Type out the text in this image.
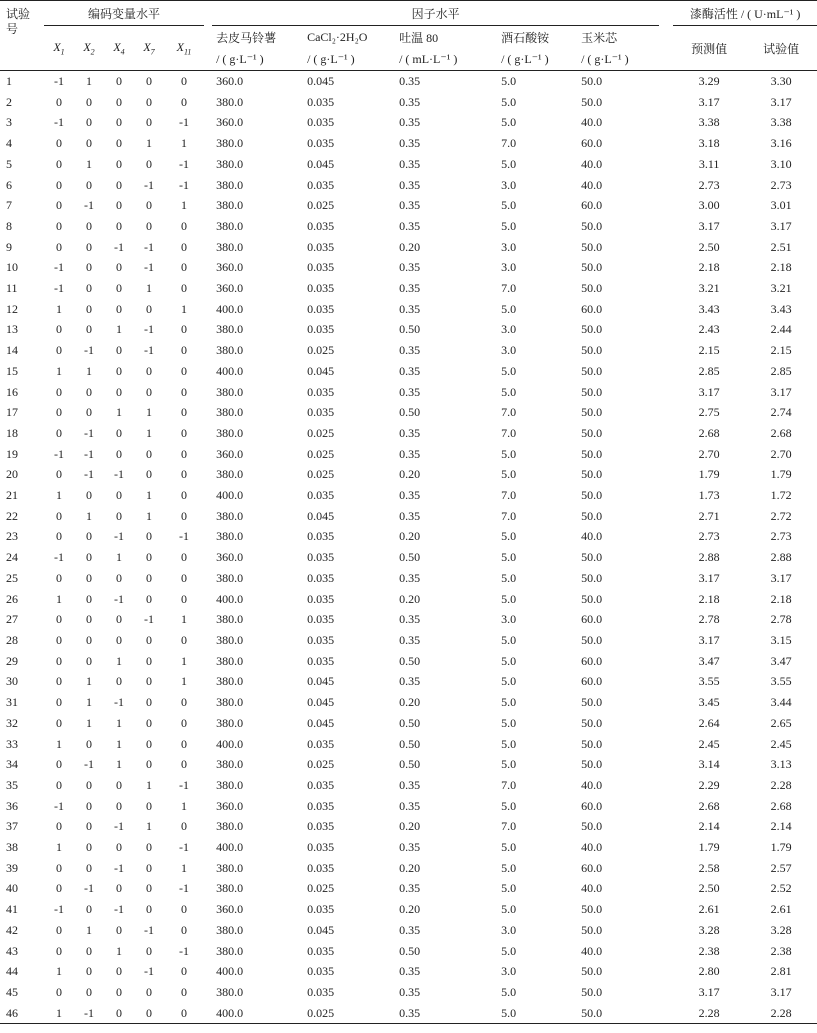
试验号	编码变量水平						因子水平						漆酶活性 / ( U·mL⁻¹ )	
	$X_1$	$X_2$	$X_4$	$X_7$	$X_{11}$		去皮马铃薯	CaCl₂·2H₂O	吐温 80	酒石酸铵	玉米芯		预测值	试验值
							/ ( g·L⁻¹ )	/ ( g·L⁻¹ )	/ ( mL·L⁻¹ )	/ ( g·L⁻¹ )	/ ( g·L⁻¹ )			
1	-1	1	0	0	0		360.0	0.045	0.35	5.0	50.0		3.29	3.30
2	0	0	0	0	0		380.0	0.035	0.35	5.0	50.0		3.17	3.17
3	-1	0	0	0	-1		360.0	0.035	0.35	5.0	40.0		3.38	3.38
4	0	0	0	1	1		380.0	0.035	0.35	7.0	60.0		3.18	3.16
5	0	1	0	0	-1		380.0	0.045	0.35	5.0	40.0		3.11	3.10
6	0	0	0	-1	-1		380.0	0.035	0.35	3.0	40.0		2.73	2.73
7	0	-1	0	0	1		380.0	0.025	0.35	5.0	60.0		3.00	3.01
8	0	0	0	0	0		380.0	0.035	0.35	5.0	50.0		3.17	3.17
9	0	0	-1	-1	0		380.0	0.035	0.20	3.0	50.0		2.50	2.51
10	-1	0	0	-1	0		360.0	0.035	0.35	3.0	50.0		2.18	2.18
11	-1	0	0	1	0		360.0	0.035	0.35	7.0	50.0		3.21	3.21
12	1	0	0	0	1		400.0	0.035	0.35	5.0	60.0		3.43	3.43
13	0	0	1	-1	0		380.0	0.035	0.50	3.0	50.0		2.43	2.44
14	0	-1	0	-1	0		380.0	0.025	0.35	3.0	50.0		2.15	2.15
15	1	1	0	0	0		400.0	0.045	0.35	5.0	50.0		2.85	2.85
16	0	0	0	0	0		380.0	0.035	0.35	5.0	50.0		3.17	3.17
17	0	0	1	1	0		380.0	0.035	0.50	7.0	50.0		2.75	2.74
18	0	-1	0	1	0		380.0	0.025	0.35	7.0	50.0		2.68	2.68
19	-1	-1	0	0	0		360.0	0.025	0.35	5.0	50.0		2.70	2.70
20	0	-1	-1	0	0		380.0	0.025	0.20	5.0	50.0		1.79	1.79
21	1	0	0	1	0		400.0	0.035	0.35	7.0	50.0		1.73	1.72
22	0	1	0	1	0		380.0	0.045	0.35	7.0	50.0		2.71	2.72
23	0	0	-1	0	-1		380.0	0.035	0.20	5.0	40.0		2.73	2.73
24	-1	0	1	0	0		360.0	0.035	0.50	5.0	50.0		2.88	2.88
25	0	0	0	0	0		380.0	0.035	0.35	5.0	50.0		3.17	3.17
26	1	0	-1	0	0		400.0	0.035	0.20	5.0	50.0		2.18	2.18
27	0	0	0	-1	1		380.0	0.035	0.35	3.0	60.0		2.78	2.78
28	0	0	0	0	0		380.0	0.035	0.35	5.0	50.0		3.17	3.15
29	0	0	1	0	1		380.0	0.035	0.50	5.0	60.0		3.47	3.47
30	0	1	0	0	1		380.0	0.045	0.35	5.0	60.0		3.55	3.55
31	0	1	-1	0	0		380.0	0.045	0.20	5.0	50.0		3.45	3.44
32	0	1	1	0	0		380.0	0.045	0.50	5.0	50.0		2.64	2.65
33	1	0	1	0	0		400.0	0.035	0.50	5.0	50.0		2.45	2.45
34	0	-1	1	0	0		380.0	0.025	0.50	5.0	50.0		3.14	3.13
35	0	0	0	1	-1		380.0	0.035	0.35	7.0	40.0		2.29	2.28
36	-1	0	0	0	1		360.0	0.035	0.35	5.0	60.0		2.68	2.68
37	0	0	-1	1	0		380.0	0.035	0.20	7.0	50.0		2.14	2.14
38	1	0	0	0	-1		400.0	0.035	0.35	5.0	40.0		1.79	1.79
39	0	0	-1	0	1		380.0	0.035	0.20	5.0	60.0		2.58	2.57
40	0	-1	0	0	-1		380.0	0.025	0.35	5.0	40.0		2.50	2.52
41	-1	0	-1	0	0		360.0	0.035	0.20	5.0	50.0		2.61	2.61
42	0	1	0	-1	0		380.0	0.045	0.35	3.0	50.0		3.28	3.28
43	0	0	1	0	-1		380.0	0.035	0.50	5.0	40.0		2.38	2.38
44	1	0	0	-1	0		400.0	0.035	0.35	3.0	50.0		2.80	2.81
45	0	0	0	0	0		380.0	0.035	0.35	5.0	50.0		3.17	3.17
46	1	-1	0	0	0		400.0	0.025	0.35	5.0	50.0		2.28	2.28
